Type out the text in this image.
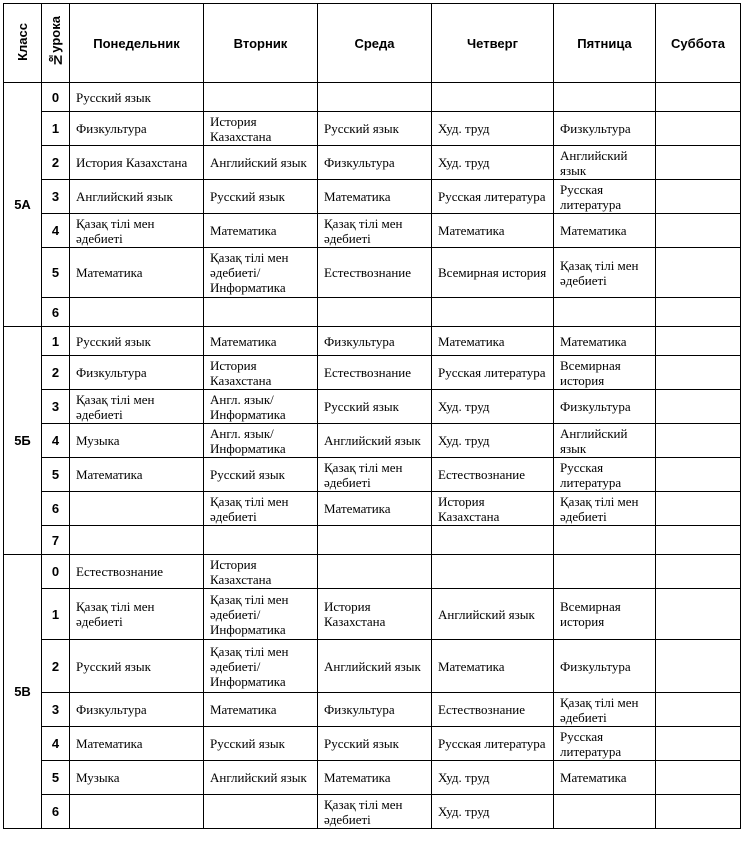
Класс	№урока	Понедельник	Вторник	Среда	Четверг	Пятница	Суббота
5А	0	Русский язык					
	1	Физкультура	История Казахстана	Русский язык	Худ. труд	Физкультура	
	2	История Казахстана	Английский язык	Физкультура	Худ. труд	Английский язык	
	3	Английский язык	Русский язык	Математика	Русская литература	Русская литература	
	4	Қазақ тілі мен әдебиеті	Математика	Қазақ тілі мен әдебиеті	Математика	Математика	
	5	Математика	Қазақ тілі мен әдебиеті/ Информатика	Естествознание	Всемирная история	Қазақ тілі мен әдебиеті	
	6						
5Б	1	Русский язык	Математика	Физкультура	Математика	Математика	
	2	Физкультура	История Казахстана	Естествознание	Русская литература	Всемирная история	
	3	Қазақ тілі мен әдебиеті	Англ. язык/ Информатика	Русский язык	Худ. труд	Физкультура	
	4	Музыка	Англ. язык/ Информатика	Английский язык	Худ. труд	Английский язык	
	5	Математика	Русский язык	Қазақ тілі мен әдебиеті	Естествознание	Русская литература	
	6		Қазақ тілі мен әдебиеті	Математика	История Казахстана	Қазақ тілі мен әдебиеті	
	7						
5В	0	Естествознание	История Казахстана				
	1	Қазақ тілі мен әдебиеті	Қазақ тілі мен әдебиеті/ Информатика	История Казахстана	Английский язык	Всемирная история	
	2	Русский язык	Қазақ тілі мен әдебиеті/ Информатика	Английский язык	Математика	Физкультура	
	3	Физкультура	Математика	Физкультура	Естествознание	Қазақ тілі мен әдебиеті	
	4	Математика	Русский язык	Русский язык	Русская литература	Русская литература	
	5	Музыка	Английский язык	Математика	Худ. труд	Математика	
	6			Қазақ тілі мен әдебиеті	Худ. труд		
